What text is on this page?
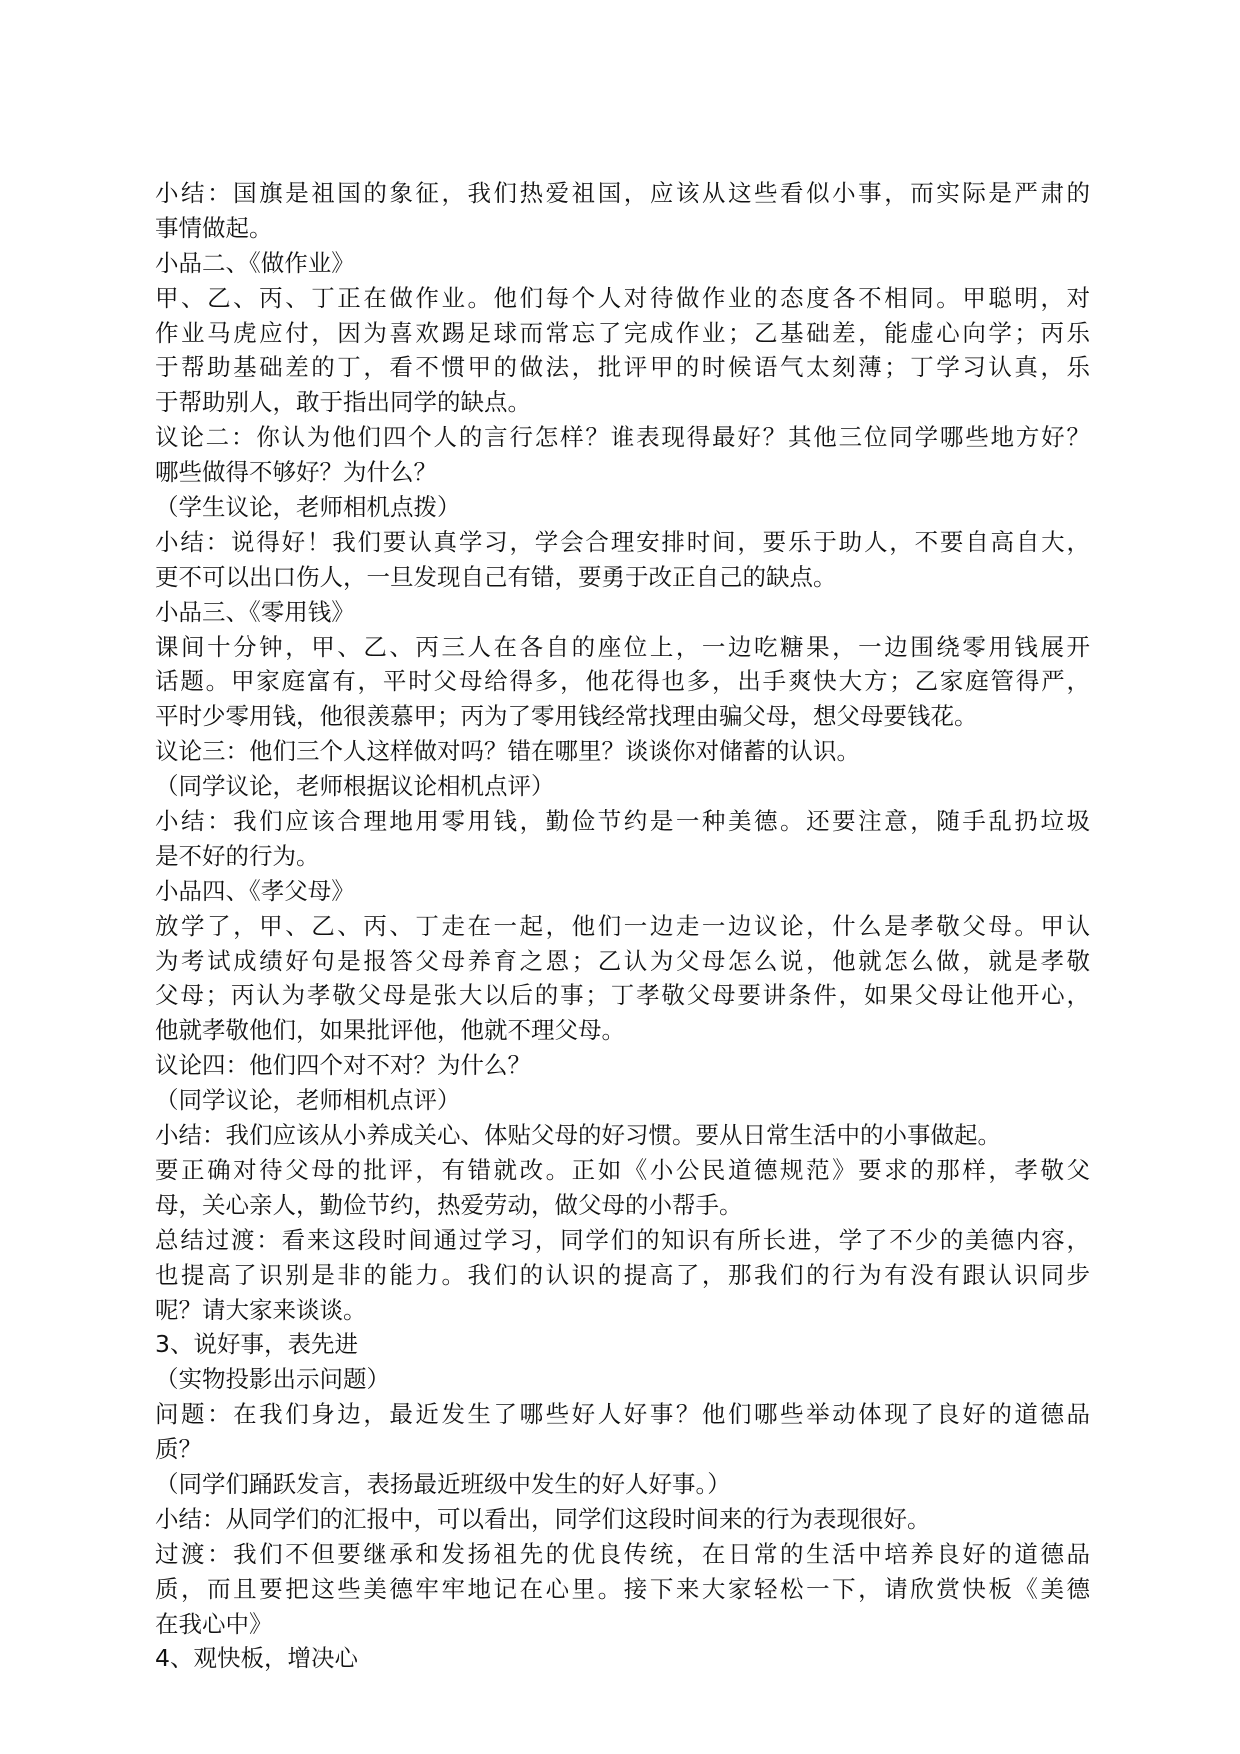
小结：国旗是祖国的象征，我们热爱祖国，应该从这些看似小事，而实际是严肃的
事情做起。
小品二、《做作业》
甲、乙、丙、丁正在做作业。他们每个人对待做作业的态度各不相同。甲聪明，对
作业马虎应付，因为喜欢踢足球而常忘了完成作业；乙基础差，能虚心向学；丙乐
于帮助基础差的丁，看不惯甲的做法，批评甲的时候语气太刻薄；丁学习认真，乐
于帮助别人，敢于指出同学的缺点。
议论二：你认为他们四个人的言行怎样？谁表现得最好？其他三位同学哪些地方好？
哪些做得不够好？为什么？
（学生议论，老师相机点拨）
小结：说得好！我们要认真学习，学会合理安排时间，要乐于助人，不要自高自大，
更不可以出口伤人，一旦发现自己有错，要勇于改正自己的缺点。
小品三、《零用钱》
课间十分钟，甲、乙、丙三人在各自的座位上，一边吃糖果，一边围绕零用钱展开
话题。甲家庭富有，平时父母给得多，他花得也多，出手爽快大方；乙家庭管得严，
平时少零用钱，他很羡慕甲；丙为了零用钱经常找理由骗父母，想父母要钱花。
议论三：他们三个人这样做对吗？错在哪里？谈谈你对储蓄的认识。
（同学议论，老师根据议论相机点评）
小结：我们应该合理地用零用钱，勤俭节约是一种美德。还要注意，随手乱扔垃圾
是不好的行为。
小品四、《孝父母》
放学了，甲、乙、丙、丁走在一起，他们一边走一边议论，什么是孝敬父母。甲认
为考试成绩好句是报答父母养育之恩；乙认为父母怎么说，他就怎么做，就是孝敬
父母；丙认为孝敬父母是张大以后的事；丁孝敬父母要讲条件，如果父母让他开心，
他就孝敬他们，如果批评他，他就不理父母。
议论四：他们四个对不对？为什么？
（同学议论，老师相机点评）
小结：我们应该从小养成关心、体贴父母的好习惯。要从日常生活中的小事做起。
要正确对待父母的批评，有错就改。正如《小公民道德规范》要求的那样，孝敬父
母，关心亲人，勤俭节约，热爱劳动，做父母的小帮手。
总结过渡：看来这段时间通过学习，同学们的知识有所长进，学了不少的美德内容，
也提高了识别是非的能力。我们的认识的提高了，那我们的行为有没有跟认识同步
呢？请大家来谈谈。
3、说好事，表先进
（实物投影出示问题）
问题：在我们身边，最近发生了哪些好人好事？他们哪些举动体现了良好的道德品
质？
（同学们踊跃发言，表扬最近班级中发生的好人好事。）
小结：从同学们的汇报中，可以看出，同学们这段时间来的行为表现很好。
过渡：我们不但要继承和发扬祖先的优良传统，在日常的生活中培养良好的道德品
质，而且要把这些美德牢牢地记在心里。接下来大家轻松一下，请欣赏快板《美德
在我心中》
4、观快板，增决心
